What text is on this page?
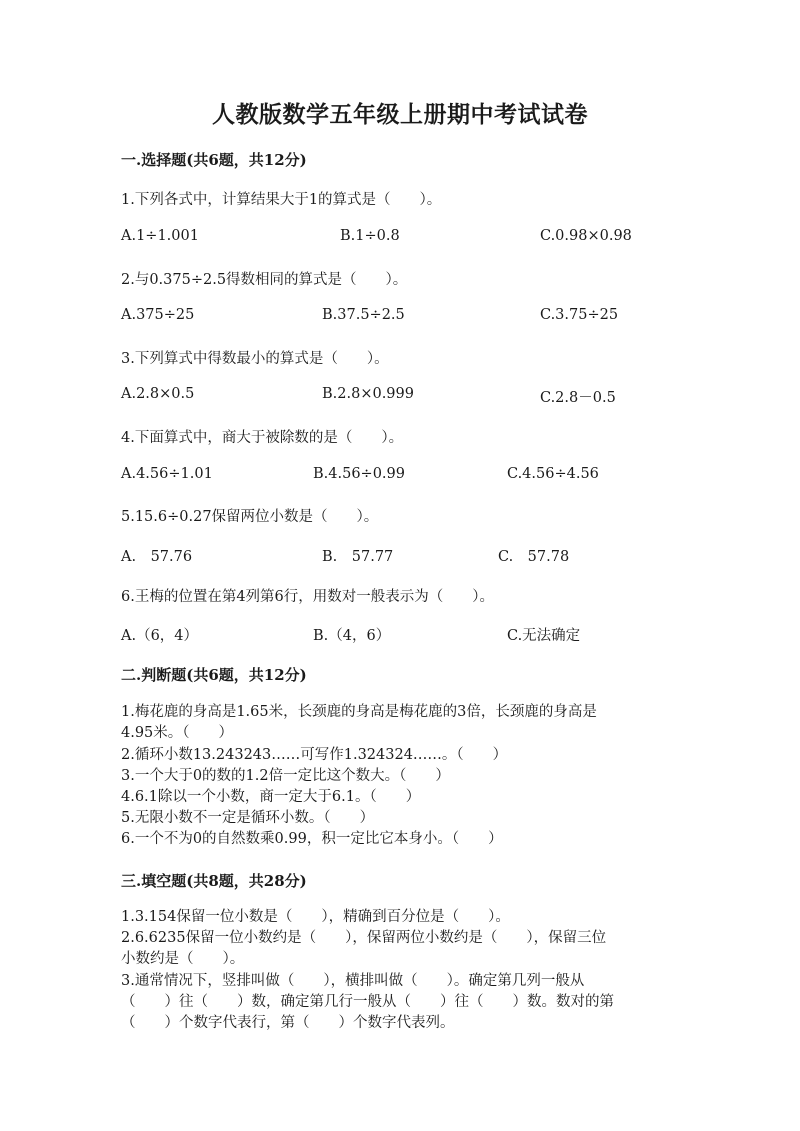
人教版数学五年级上册期中考试试卷
一.选择题(共6题，共12分)
1.下列各式中，计算结果大于1的算式是（　　）。
A.1÷1.001	B.1÷0.8	C.0.98×0.98
2.与0.375÷2.5得数相同的算式是（　　）。
A.375÷25	B.37.5÷2.5	C.3.75÷25
3.下列算式中得数最小的算式是（　　）。
A.2.8×0.5	B.2.8×0.999	C.2.8－0.5
4.下面算式中，商大于被除数的是（　　）。
A.4.56÷1.01	B.4.56÷0.99	C.4.56÷4.56
5.15.6÷0.27保留两位小数是（　　）。
A.　57.76	B.　57.77	C.　57.78
6.王梅的位置在第4列第6行，用数对一般表示为（　　）。
A.（6，4）	B.（4，6）	C.无法确定
二.判断题(共6题，共12分)
1.梅花鹿的身高是1.65米，长颈鹿的身高是梅花鹿的3倍，长颈鹿的身高是
4.95米。（　　）
2.循环小数13.243243……可写作1.324324……。（　　）
3.一个大于0的数的1.2倍一定比这个数大。（　　）
4.6.1除以一个小数，商一定大于6.1。（　　）
5.无限小数不一定是循环小数。（　　）
6.一个不为0的自然数乘0.99，积一定比它本身小。（　　）
三.填空题(共8题，共28分)
1.3.154保留一位小数是（　　），精确到百分位是（　　）。
2.6.6235保留一位小数约是（　　），保留两位小数约是（　　），保留三位
小数约是（　　）。
3.通常情况下，竖排叫做（　　），横排叫做（　　）。确定第几列一般从
（　　）往（　　）数，确定第几行一般从（　　）往（　　）数。数对的第
（　　）个数字代表行，第（　　）个数字代表列。
